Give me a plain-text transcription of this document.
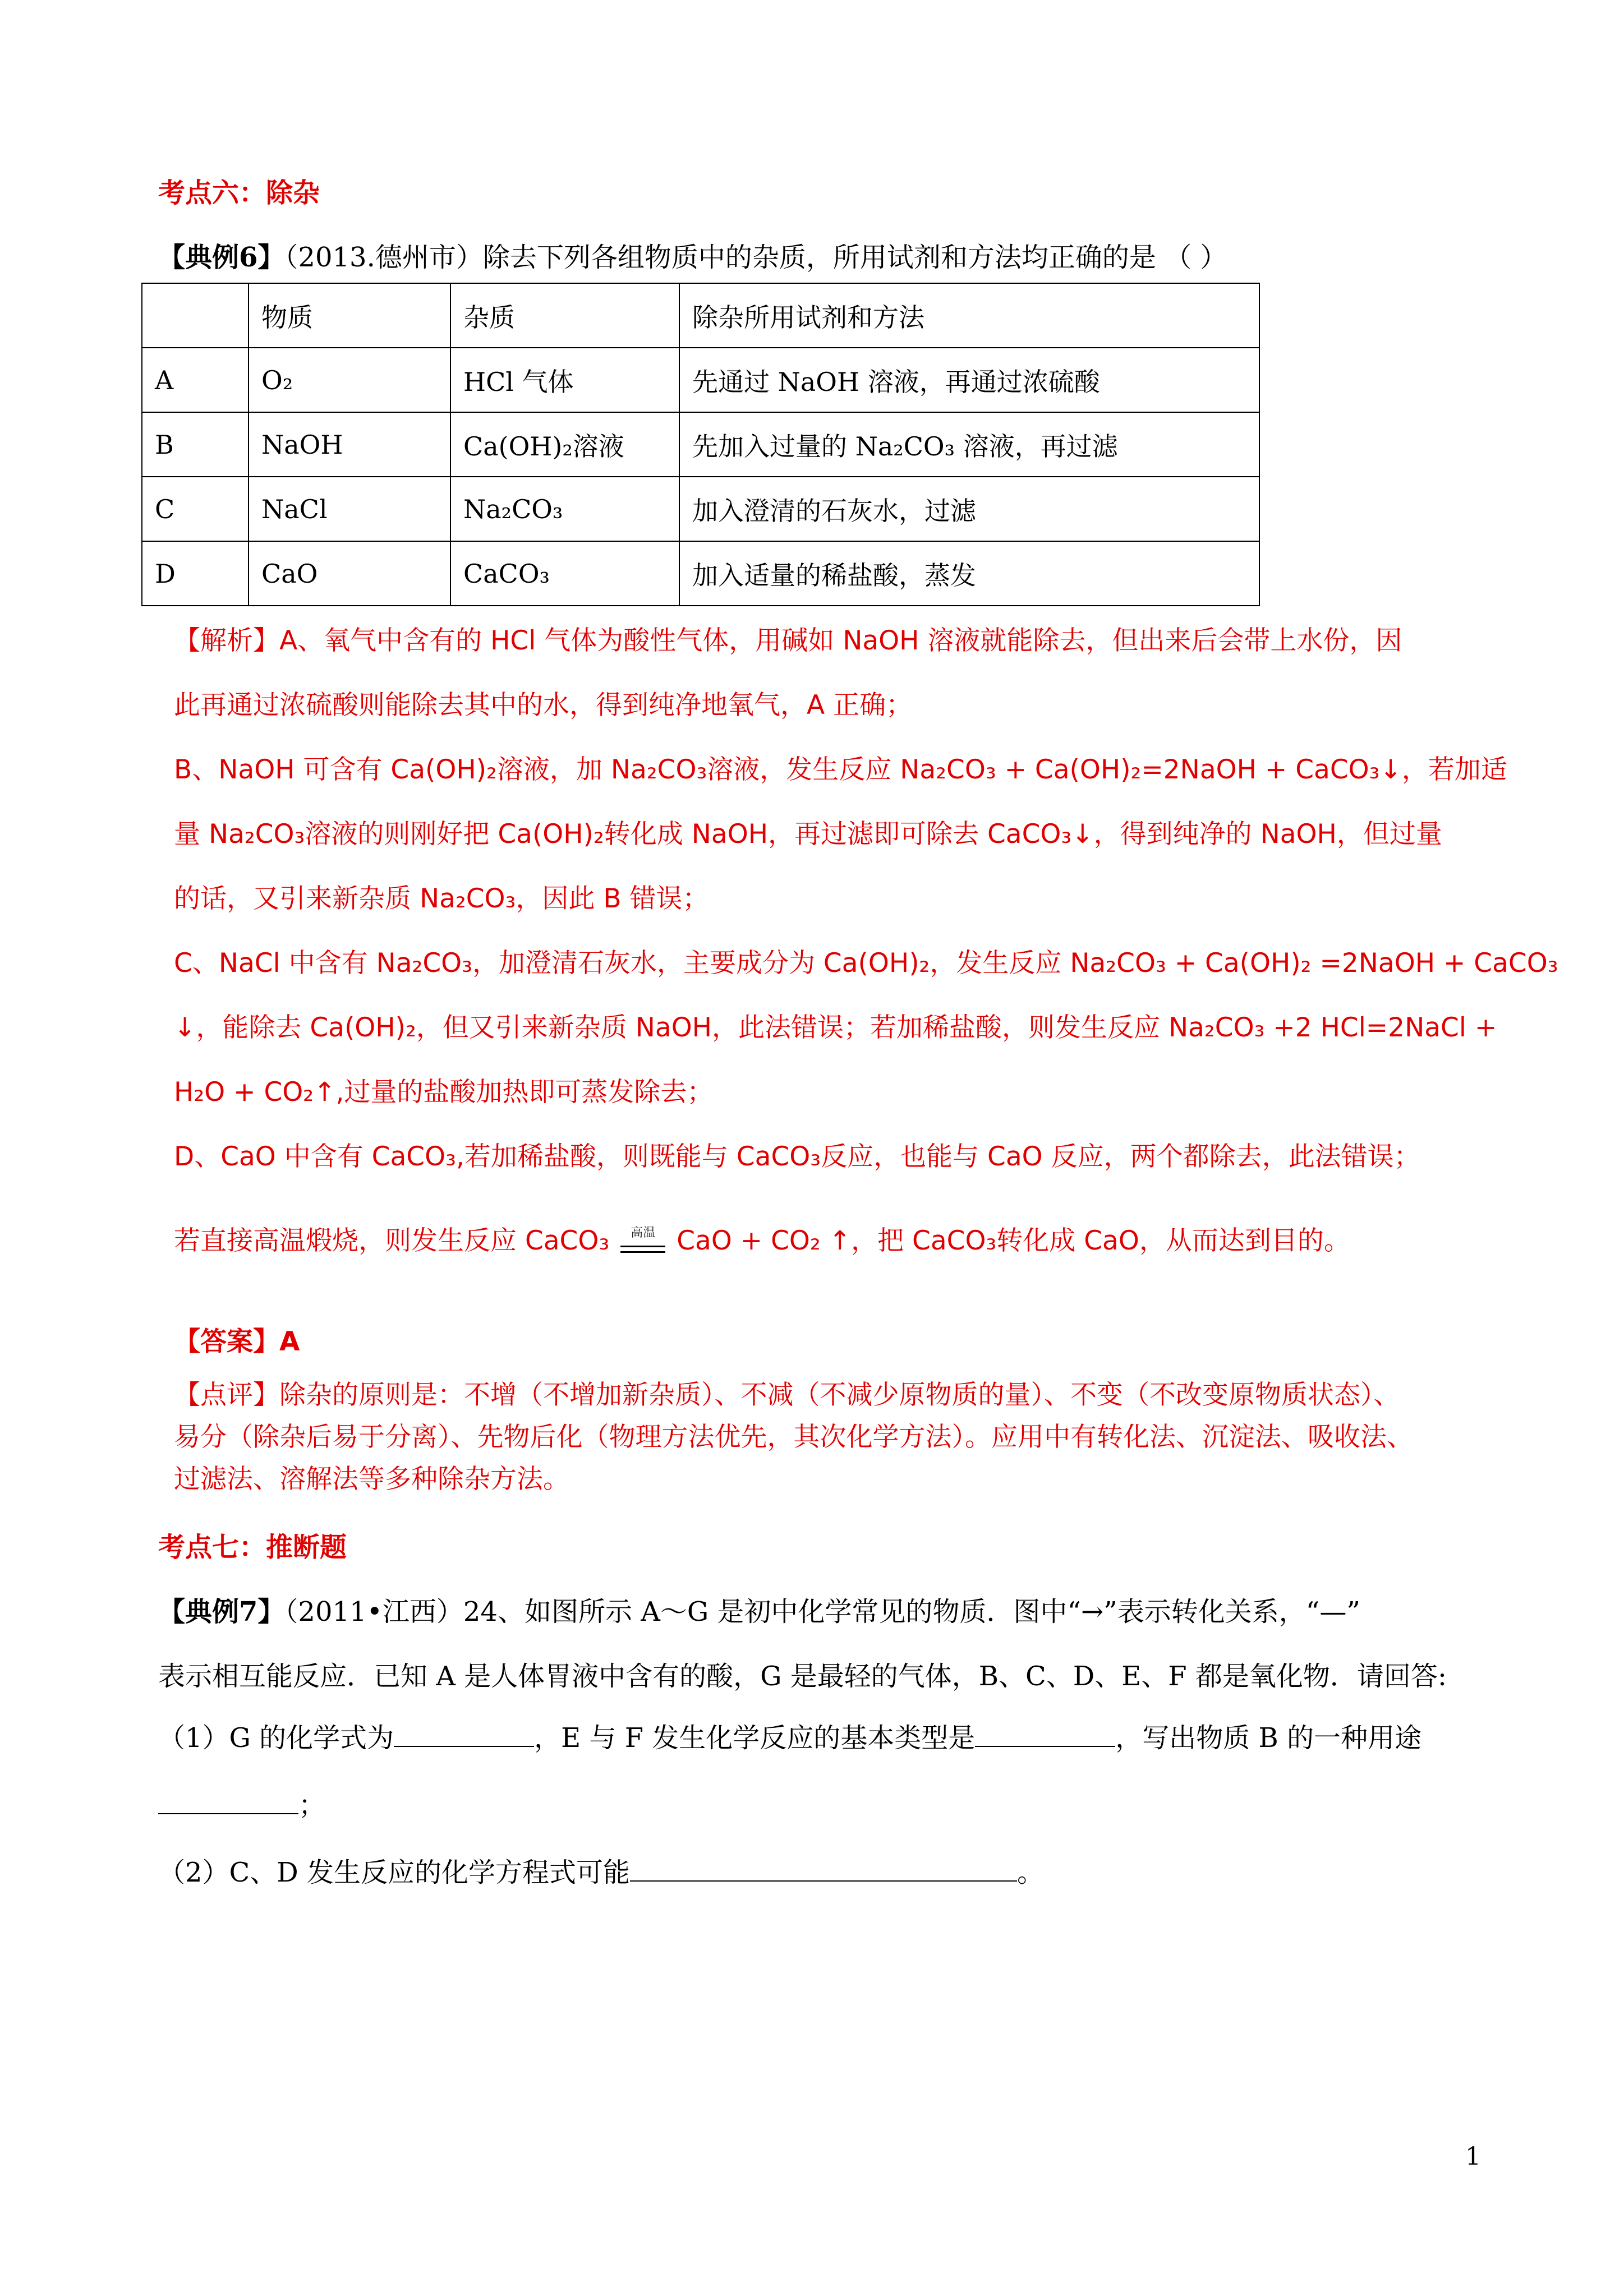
考点六：除杂
【典例6】（2013.德州市）除去下列各组物质中的杂质，所用试剂和方法均正确的是 （ ）
	物质	杂质	除杂所用试剂和方法
A	O₂	HCl 气体	先通过 NaOH 溶液，再通过浓硫酸
B	NaOH	Ca(OH)₂溶液	先加入过量的 Na₂CO₃ 溶液，再过滤
C	NaCl	Na₂CO₃	加入澄清的石灰水，过滤
D	CaO	CaCO₃	加入适量的稀盐酸，蒸发
【解析】A、氧气中含有的 HCl 气体为酸性气体，用碱如 NaOH 溶液就能除去，但出来后会带上水份，因
此再通过浓硫酸则能除去其中的水，得到纯净地氧气，A 正确；
B、NaOH 可含有 Ca(OH)₂溶液，加 Na₂CO₃溶液，发生反应 Na₂CO₃ + Ca(OH)₂=2NaOH + CaCO₃↓，若加适
量 Na₂CO₃溶液的则刚好把 Ca(OH)₂转化成 NaOH，再过滤即可除去 CaCO₃↓，得到纯净的 NaOH，但过量
的话，又引来新杂质 Na₂CO₃，因此 B 错误；
C、NaCl 中含有 Na₂CO₃，加澄清石灰水，主要成分为 Ca(OH)₂，发生反应 Na₂CO₃ + Ca(OH)₂ =2NaOH + CaCO₃
↓，能除去 Ca(OH)₂，但又引来新杂质 NaOH，此法错误；若加稀盐酸，则发生反应 Na₂CO₃ +2 HCl=2NaCl +
H₂O + CO₂↑,过量的盐酸加热即可蒸发除去；
D、CaO 中含有 CaCO₃,若加稀盐酸，则既能与 CaCO₃反应，也能与 CaO 反应，两个都除去，此法错误；
若直接高温煅烧，则发生反应 CaCO₃	高温 CaO + CO₂ ↑，把 CaCO₃转化成 CaO，从而达到目的。
【答案】A
【点评】除杂的原则是：不增（不增加新杂质）、不减（不减少原物质的量）、不变（不改变原物质状态）、
易分（除杂后易于分离）、先物后化（物理方法优先，其次化学方法）。应用中有转化法、沉淀法、吸收法、
过滤法、溶解法等多种除杂方法。
考点七：推断题
【典例7】（2011•江西）24、如图所示 A～G 是初中化学常见的物质．图中“→”表示转化关系，“—”
表示相互能反应．已知 A 是人体胃液中含有的酸，G 是最轻的气体，B、C、D、E、F 都是氧化物．请回答:
（1）G 的化学式为	，E 与 F 发生化学反应的基本类型是	，写出物质 B 的一种用途
；
（2）C、D 发生反应的化学方程式可能	。
1
